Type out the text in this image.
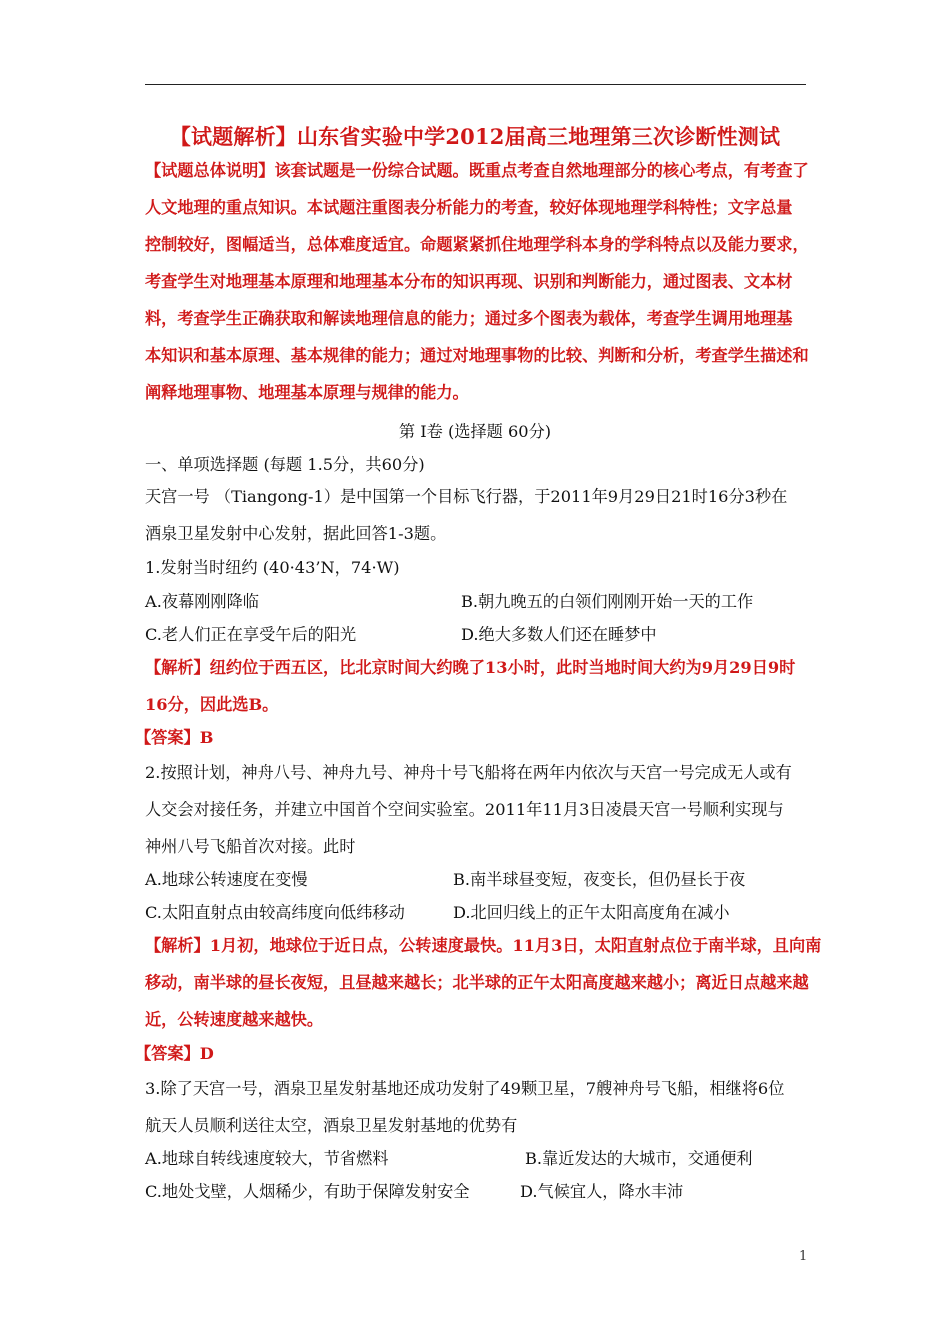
【试题解析】山东省实验中学2012届高三地理第三次诊断性测试
【试题总体说明】该套试题是一份综合试题。既重点考查自然地理部分的核心考点，有考查了
人文地理的重点知识。本试题注重图表分析能力的考查，较好体现地理学科特性；文字总量
控制较好，图幅适当，总体难度适宜。命题紧紧抓住地理学科本身的学科特点以及能力要求，
考查学生对地理基本原理和地理基本分布的知识再现、识别和判断能力，通过图表、文本材
料，考查学生正确获取和解读地理信息的能力；通过多个图表为载体，考查学生调用地理基
本知识和基本原理、基本规律的能力；通过对地理事物的比较、判断和分析，考查学生描述和
阐释地理事物、地理基本原理与规律的能力。
第 I卷 (选择题 60分)
一、单项选择题 (每题 1.5分，共60分)
天宫一号 （Tiangong-1）是中国第一个目标飞行器，于2011年9月29日21时16分3秒在
酒泉卫星发射中心发射，据此回答1-3题。
1.发射当时纽约 (40·43’N，74·W)
A.夜幕刚刚降临	B.朝九晚五的白领们刚刚开始一天的工作
C.老人们正在享受午后的阳光	D.绝大多数人们还在睡梦中
【解析】纽约位于西五区，比北京时间大约晚了13小时，此时当地时间大约为9月29日9时
16分，因此选B。
【答案】B
2.按照计划，神舟八号、神舟九号、神舟十号飞船将在两年内依次与天宫一号完成无人或有
人交会对接任务，并建立中国首个空间实验室。2011年11月3日凌晨天宫一号顺利实现与
神州八号飞船首次对接。此时
A.地球公转速度在变慢	B.南半球昼变短，夜变长，但仍昼长于夜
C.太阳直射点由较高纬度向低纬移动	D.北回归线上的正午太阳高度角在减小
【解析】1月初，地球位于近日点，公转速度最快。11月3日，太阳直射点位于南半球，且向南
移动，南半球的昼长夜短，且昼越来越长；北半球的正午太阳高度越来越小；离近日点越来越
近，公转速度越来越快。
【答案】D
3.除了天宫一号，酒泉卫星发射基地还成功发射了49颗卫星，7艘神舟号飞船，相继将6位
航天人员顺利送往太空，酒泉卫星发射基地的优势有
A.地球自转线速度较大，节省燃料	B.靠近发达的大城市，交通便利
C.地处戈壁，人烟稀少，有助于保障发射安全	D.气候宜人，降水丰沛
1
